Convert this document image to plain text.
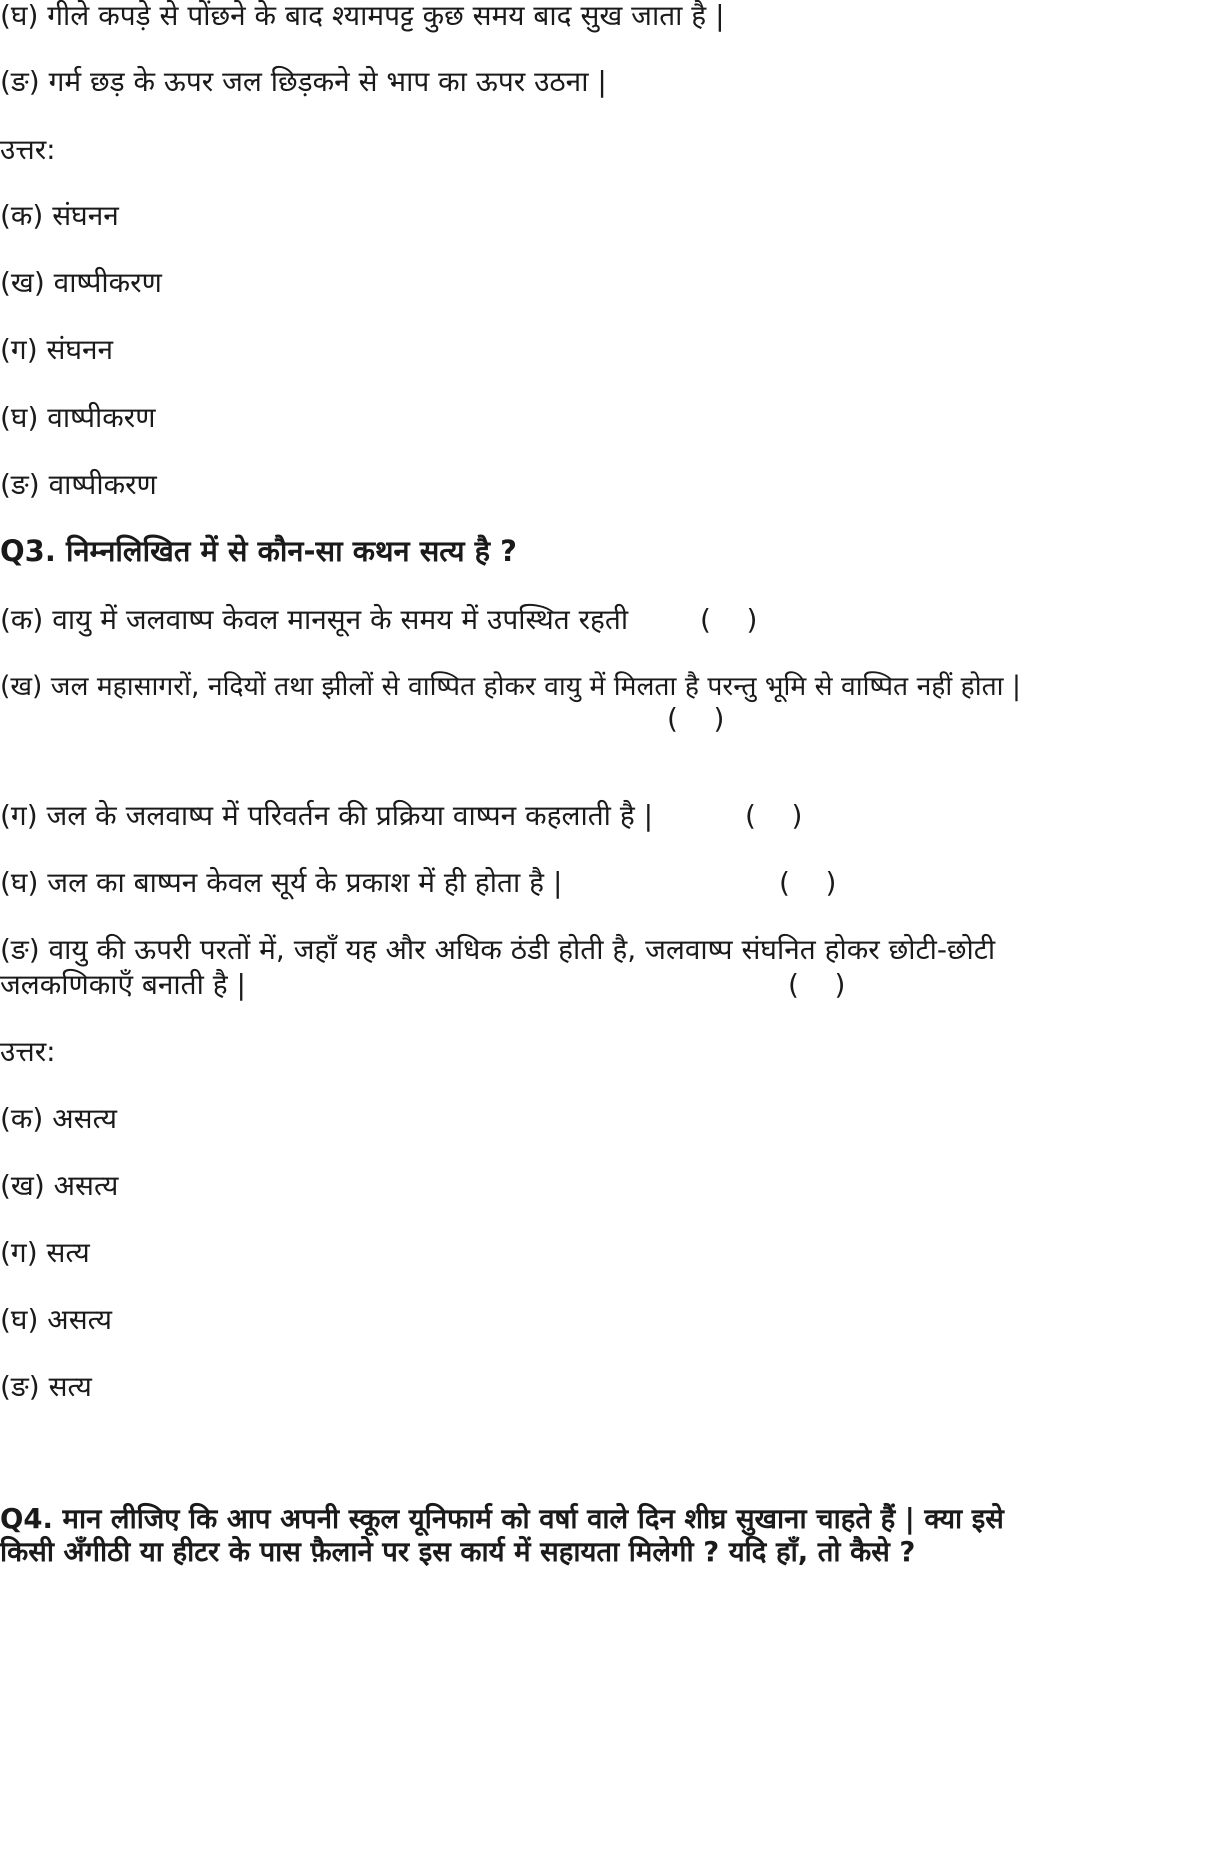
(घ) गीले कपड़े से पोंछने के बाद श्यामपट्ट कुछ समय बाद सुख जाता है |

(ङ) गर्म छड़ के ऊपर जल छिड़कने से भाप का ऊपर उठना |

उत्तर:

(क) संघनन

(ख) वाष्पीकरण

(ग) संघनन

(घ) वाष्पीकरण

(ङ) वाष्पीकरण

Q3. निम्नलिखित में से कौन-सा कथन सत्य है ?

(क) वायु में जलवाष्प केवल मानसून के समय में उपस्थित रहती	(    )

(ख) जल महासागरों, नदियों तथा झीलों से वाष्पित होकर वायु में मिलता है परन्तु भूमि से वाष्पित नहीं होता |

(    )

(ग) जल के जलवाष्प में परिवर्तन की प्रक्रिया वाष्पन कहलाती है |	(    )

(घ) जल का बाष्पन केवल सूर्य के प्रकाश में ही होता है |	(    )

(ङ) वायु की ऊपरी परतों में, जहाँ यह और अधिक ठंडी होती है, जलवाष्प संघनित होकर छोटी-छोटी

जलकणिकाएँ बनाती है |	(    )

उत्तर:

(क) असत्य

(ख) असत्य

(ग) सत्य

(घ) असत्य

(ङ) सत्य

Q4. मान लीजिए कि आप अपनी स्कूल यूनिफार्म को वर्षा वाले दिन शीघ्र सुखाना चाहते हैं | क्या इसे

किसी अँगीठी या हीटर के पास फ़ैलाने पर इस कार्य में सहायता मिलेगी ? यदि हाँ, तो कैसे ?
